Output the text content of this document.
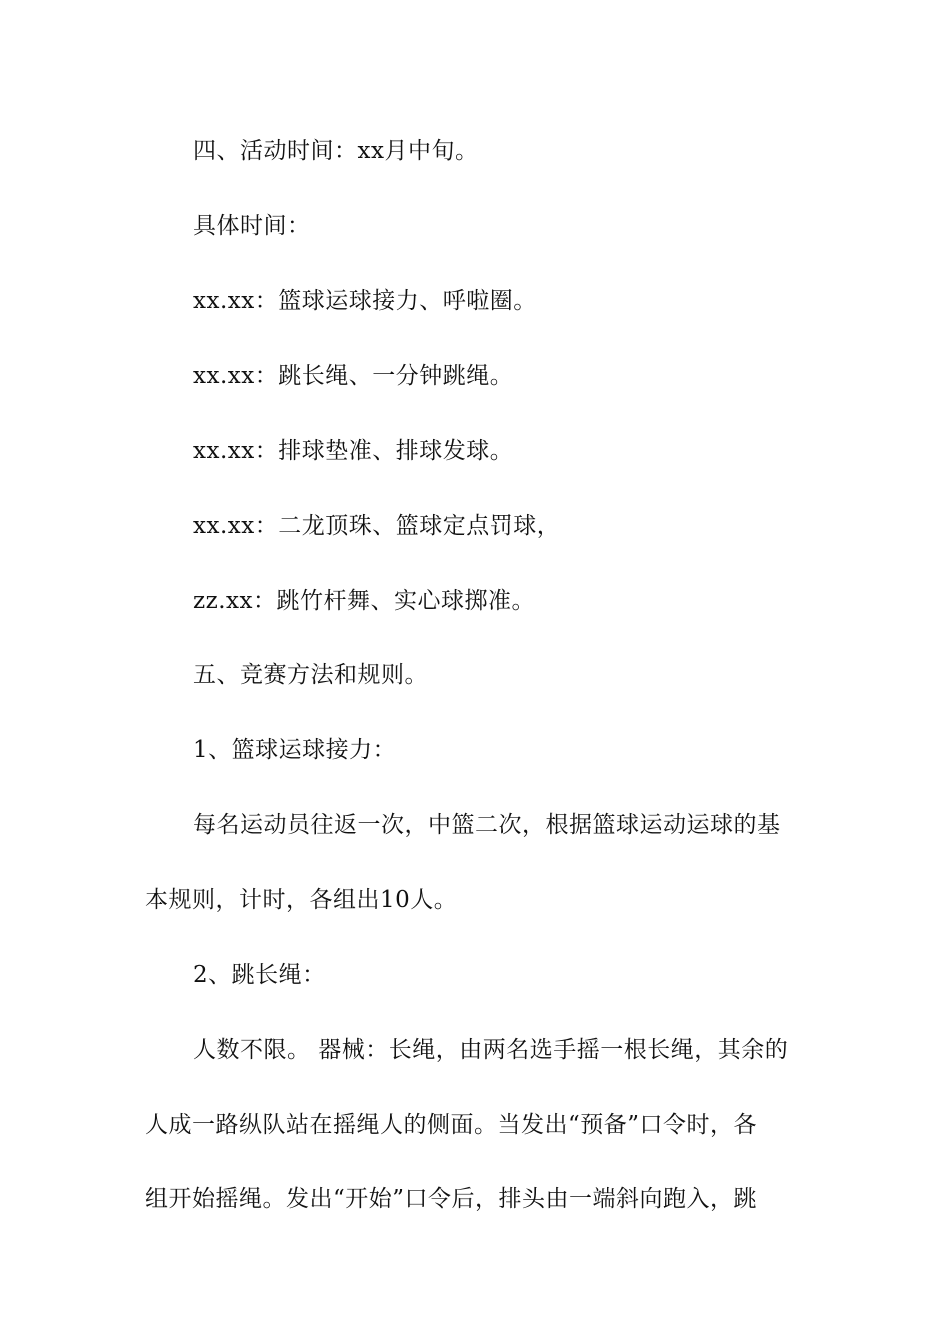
四、活动时间：xx月中旬。
具体时间：
xx.xx：篮球运球接力、呼啦圈。
xx.xx：跳长绳、一分钟跳绳。
xx.xx：排球垫准、排球发球。
xx.xx：二龙顶珠、篮球定点罚球，
zz.xx：跳竹杆舞、实心球掷准。
五、竞赛方法和规则。
1、篮球运球接力：
每名运动员往返一次，中篮二次，根据篮球运动运球的基
本规则，计时，各组出10人。
2、跳长绳：
人数不限。 器械：长绳，由两名选手摇一根长绳，其余的
人成一路纵队站在摇绳人的侧面。当发出“预备”口令时，各
组开始摇绳。发出“开始”口令后，排头由一端斜向跑入，跳
